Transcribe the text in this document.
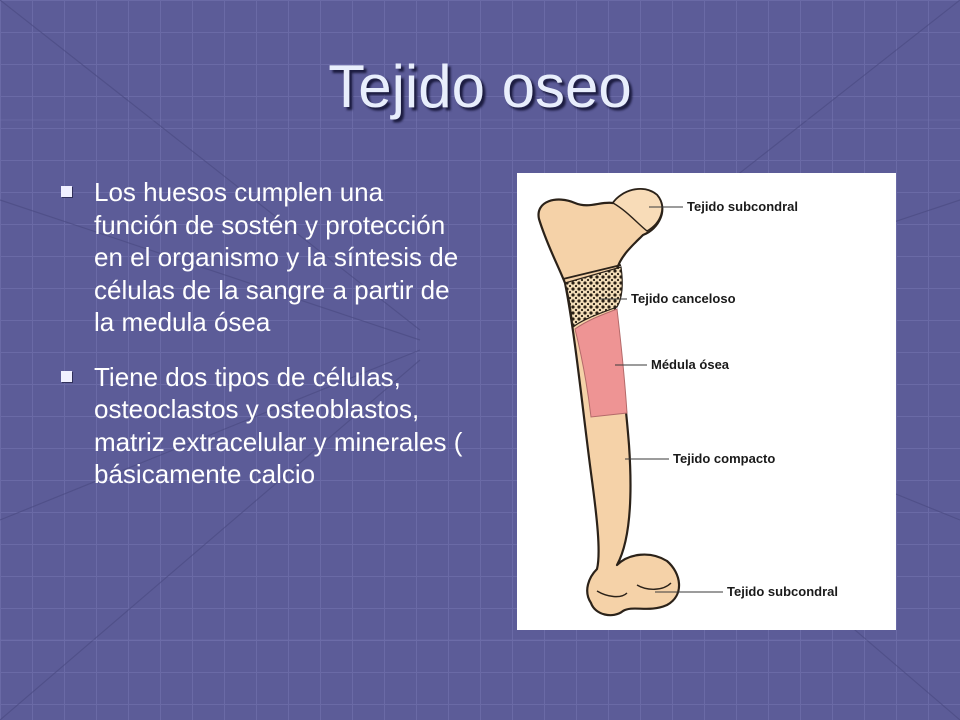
Tejido oseo
Los huesos cumplen una función de sostén y protección en el organismo y la síntesis de células de la sangre a partir de la medula ósea
Tiene dos tipos de células, osteoclastos y osteoblastos, matriz extracelular y minerales ( básicamente calcio
Tejido subcondral
Tejido canceloso
Médula ósea
Tejido compacto
Tejido subcondral
